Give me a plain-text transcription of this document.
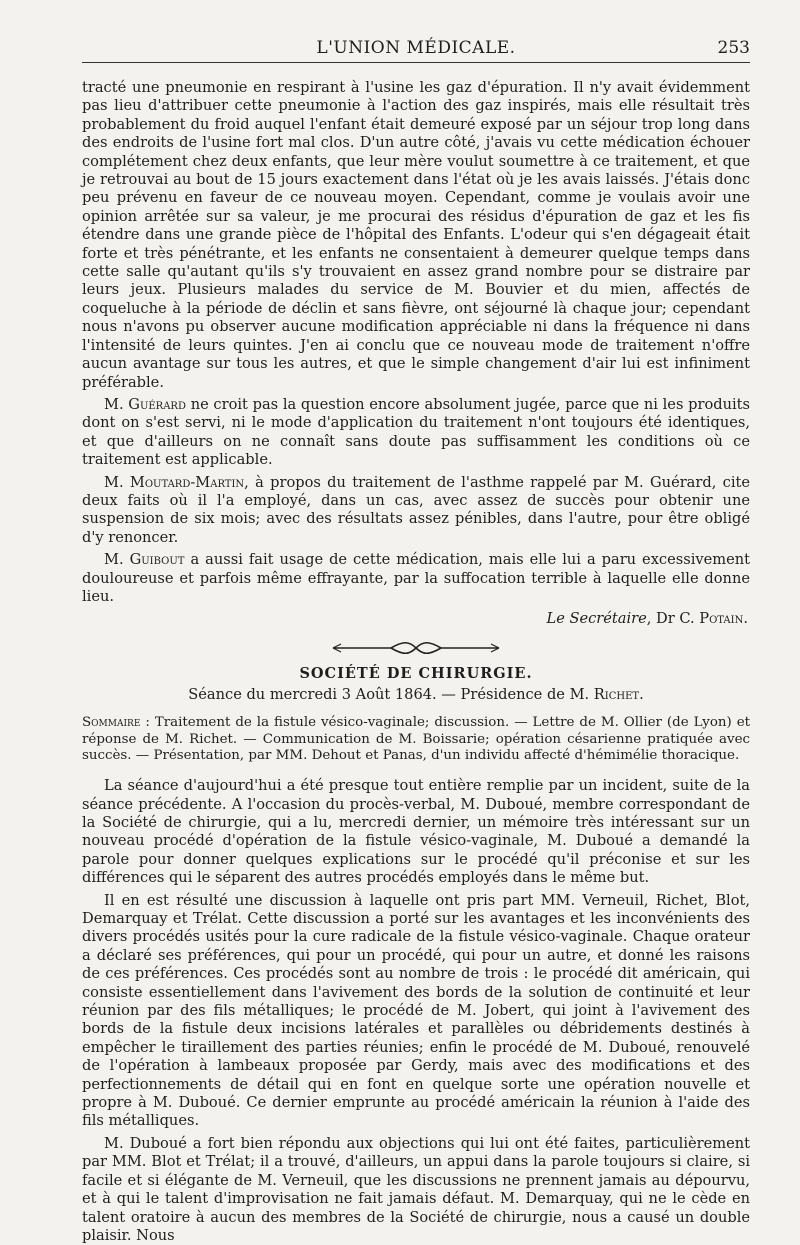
L'UNION MÉDICALE.	253

tracté une pneumonie en respirant à l'usine les gaz d'épuration. Il n'y avait évidemment pas lieu d'attribuer cette pneumonie à l'action des gaz inspirés, mais elle résultait très probablement du froid auquel l'enfant était demeuré exposé par un séjour trop long dans des endroits de l'usine fort mal clos. D'un autre côté, j'avais vu cette médication échouer complétement chez deux enfants, que leur mère voulut soumettre à ce traitement, et que je retrouvai au bout de 15 jours exactement dans l'état où je les avais laissés. J'étais donc peu prévenu en faveur de ce nouveau moyen. Cependant, comme je voulais avoir une opinion arrêtée sur sa valeur, je me procurai des résidus d'épuration de gaz et les fis étendre dans une grande pièce de l'hôpital des Enfants. L'odeur qui s'en dégageait était forte et très pénétrante, et les enfants ne consentaient à demeurer quelque temps dans cette salle qu'autant qu'ils s'y trouvaient en assez grand nombre pour se distraire par leurs jeux. Plusieurs malades du service de M. Bouvier et du mien, affectés de coqueluche à la période de déclin et sans fièvre, ont séjourné là chaque jour; cependant nous n'avons pu observer aucune modification appréciable ni dans la fréquence ni dans l'intensité de leurs quintes. J'en ai conclu que ce nouveau mode de traitement n'offre aucun avantage sur tous les autres, et que le simple changement d'air lui est infiniment préférable.

M. Guérard ne croit pas la question encore absolument jugée, parce que ni les produits dont on s'est servi, ni le mode d'application du traitement n'ont toujours été identiques, et que d'ailleurs on ne connaît sans doute pas suffisamment les conditions où ce traitement est applicable.

M. Moutard-Martin, à propos du traitement de l'asthme rappelé par M. Guérard, cite deux faits où il l'a employé, dans un cas, avec assez de succès pour obtenir une suspension de six mois; avec des résultats assez pénibles, dans l'autre, pour être obligé d'y renoncer.

M. Guibout a aussi fait usage de cette médication, mais elle lui a paru excessivement douloureuse et parfois même effrayante, par la suffocation terrible à laquelle elle donne lieu.

Le Secrétaire, Dr C. Potain.
SOCIÉTÉ DE CHIRURGIE.
Séance du mercredi 3 Août 1864. — Présidence de M. Richet.
Sommaire : Traitement de la fistule vésico-vaginale; discussion. — Lettre de M. Ollier (de Lyon) et réponse de M. Richet. — Communication de M. Boissarie; opération césarienne pratiquée avec succès. — Présentation, par MM. Dehout et Panas, d'un individu affecté d'hémimélie thoracique.

La séance d'aujourd'hui a été presque tout entière remplie par un incident, suite de la séance précédente. A l'occasion du procès-verbal, M. Duboué, membre correspondant de la Société de chirurgie, qui a lu, mercredi dernier, un mémoire très intéressant sur un nouveau procédé d'opération de la fistule vésico-vaginale, M. Duboué a demandé la parole pour donner quelques explications sur le procédé qu'il préconise et sur les différences qui le séparent des autres procédés employés dans le même but.

Il en est résulté une discussion à laquelle ont pris part MM. Verneuil, Richet, Blot, Demarquay et Trélat. Cette discussion a porté sur les avantages et les inconvénients des divers procédés usités pour la cure radicale de la fistule vésico-vaginale. Chaque orateur a déclaré ses préférences, qui pour un procédé, qui pour un autre, et donné les raisons de ces préférences. Ces procédés sont au nombre de trois : le procédé dit américain, qui consiste essentiellement dans l'avivement des bords de la solution de continuité et leur réunion par des fils métalliques; le procédé de M. Jobert, qui joint à l'avivement des bords de la fistule deux incisions latérales et parallèles ou débridements destinés à empêcher le tiraillement des parties réunies; enfin le procédé de M. Duboué, renouvelé de l'opération à lambeaux proposée par Gerdy, mais avec des modifications et des perfectionnements de détail qui en font en quelque sorte une opération nouvelle et propre à M. Duboué. Ce dernier emprunte au procédé américain la réunion à l'aide des fils métalliques.

M. Duboué a fort bien répondu aux objections qui lui ont été faites, particulièrement par MM. Blot et Trélat; il a trouvé, d'ailleurs, un appui dans la parole toujours si claire, si facile et si élégante de M. Verneuil, que les discussions ne prennent jamais au dépourvu, et à qui le talent d'improvisation ne fait jamais défaut. M. Demarquay, qui ne le cède en talent oratoire à aucun des membres de la Société de chirurgie, nous a causé un double plaisir. Nous
